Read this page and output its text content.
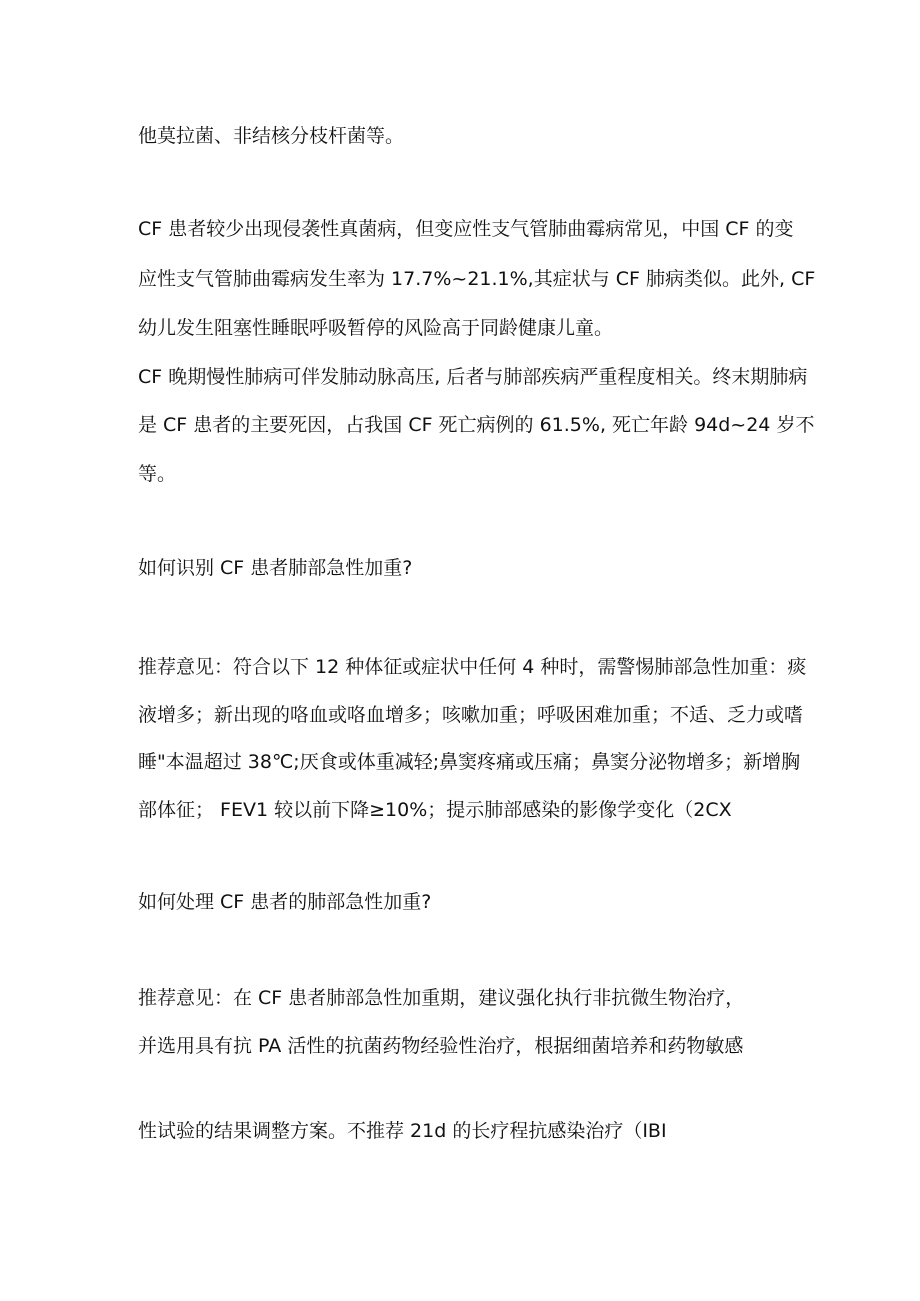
他莫拉菌、非结核分枝杆菌等。

CF 患者较少出现侵袭性真菌病，但变应性支气管肺曲霉病常见，中国 CF 的变

应性支气管肺曲霉病发生率为 17.7%~21.1%,其症状与 CF 肺病类似。此外, CF

幼儿发生阻塞性睡眠呼吸暂停的风险高于同龄健康儿童。

CF 晚期慢性肺病可伴发肺动脉高压, 后者与肺部疾病严重程度相关。终末期肺病

是 CF 患者的主要死因，占我国 CF 死亡病例的 61.5%, 死亡年龄 94d~24 岁不

等。

如何识别 CF 患者肺部急性加重?

推荐意见：符合以下 12 种体征或症状中任何 4 种时，需警惕肺部急性加重：痰

液增多；新出现的咯血或咯血增多；咳嗽加重；呼吸困难加重；不适、乏力或嗜

睡"本温超过 38℃;厌食或体重减轻;鼻窦疼痛或压痛；鼻窦分泌物增多；新增胸

部体征； FEV1 较以前下降≥10%；提示肺部感染的影像学变化（2CX

如何处理 CF 患者的肺部急性加重?

推荐意见：在 CF 患者肺部急性加重期，建议强化执行非抗微生物治疗，

并选用具有抗 PA 活性的抗菌药物经验性治疗，根据细菌培养和药物敏感

性试验的结果调整方案。不推荐 21d 的长疗程抗感染治疗（IBI
